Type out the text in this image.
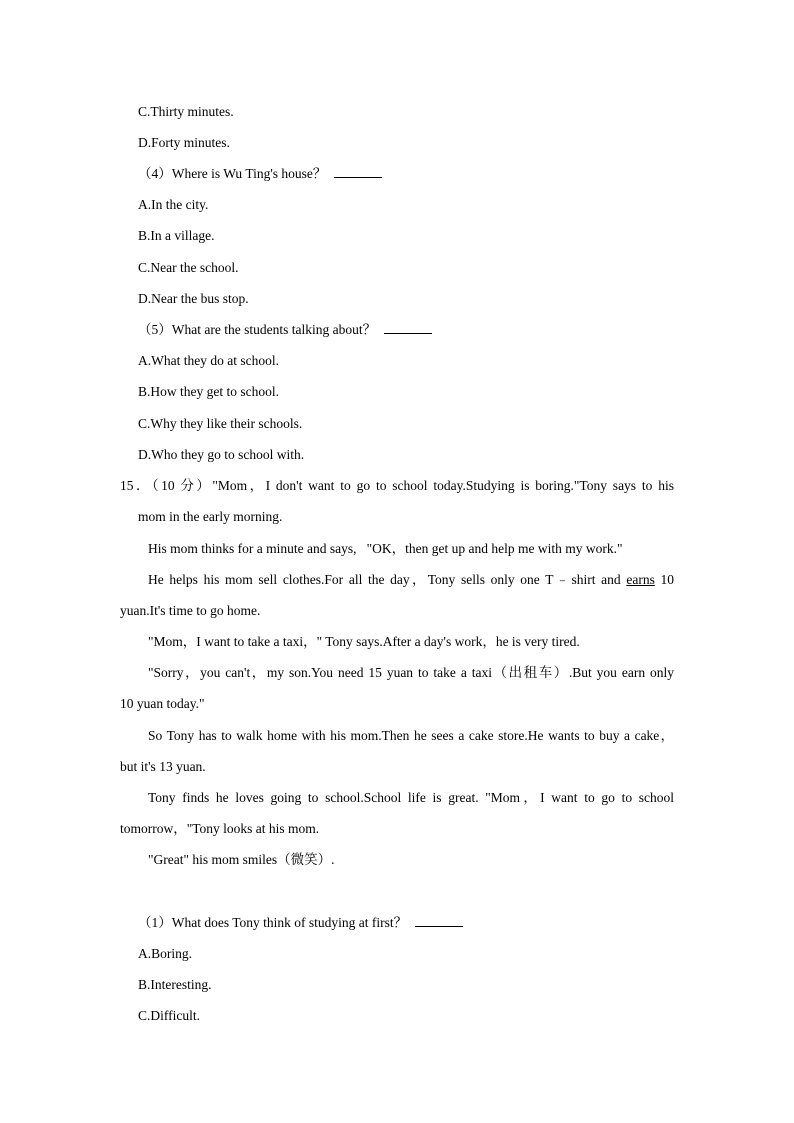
C.Thirty minutes.
D.Forty minutes.
（4）Where is Wu Ting's house？
A.In the city.
B.In a village.
C.Near the school.
D.Near the bus stop.
（5）What are the students talking about？
A.What they do at school.
B.How they get to school.
C.Why they like their schools.
D.Who they go to school with.
15．（10 分）"Mom，I don't want to go to school today.Studying is boring."Tony says to his
mom in the early morning.
His mom thinks for a minute and says,   "OK，then get up and help me with my work."
He helps his mom sell clothes.For all the day，Tony sells only one T﹣shirt and earns 10
yuan.It's time to go home.
"Mom，I want to take a taxi，" Tony says.After a day's work，he is very tired.
"Sorry，you can't，my son.You need 15 yuan to take a taxi（出租车）.But you earn only
10 yuan today."
So Tony has to walk home with his mom.Then he sees a cake store.He wants to buy a cake，
but it's 13 yuan.
Tony finds he loves going to school.School life is great. "Mom，I want to go to school
tomorrow，"Tony looks at his mom.
"Great" his mom smiles（微笑）.
（1）What does Tony think of studying at first？
A.Boring.
B.Interesting.
C.Difficult.
